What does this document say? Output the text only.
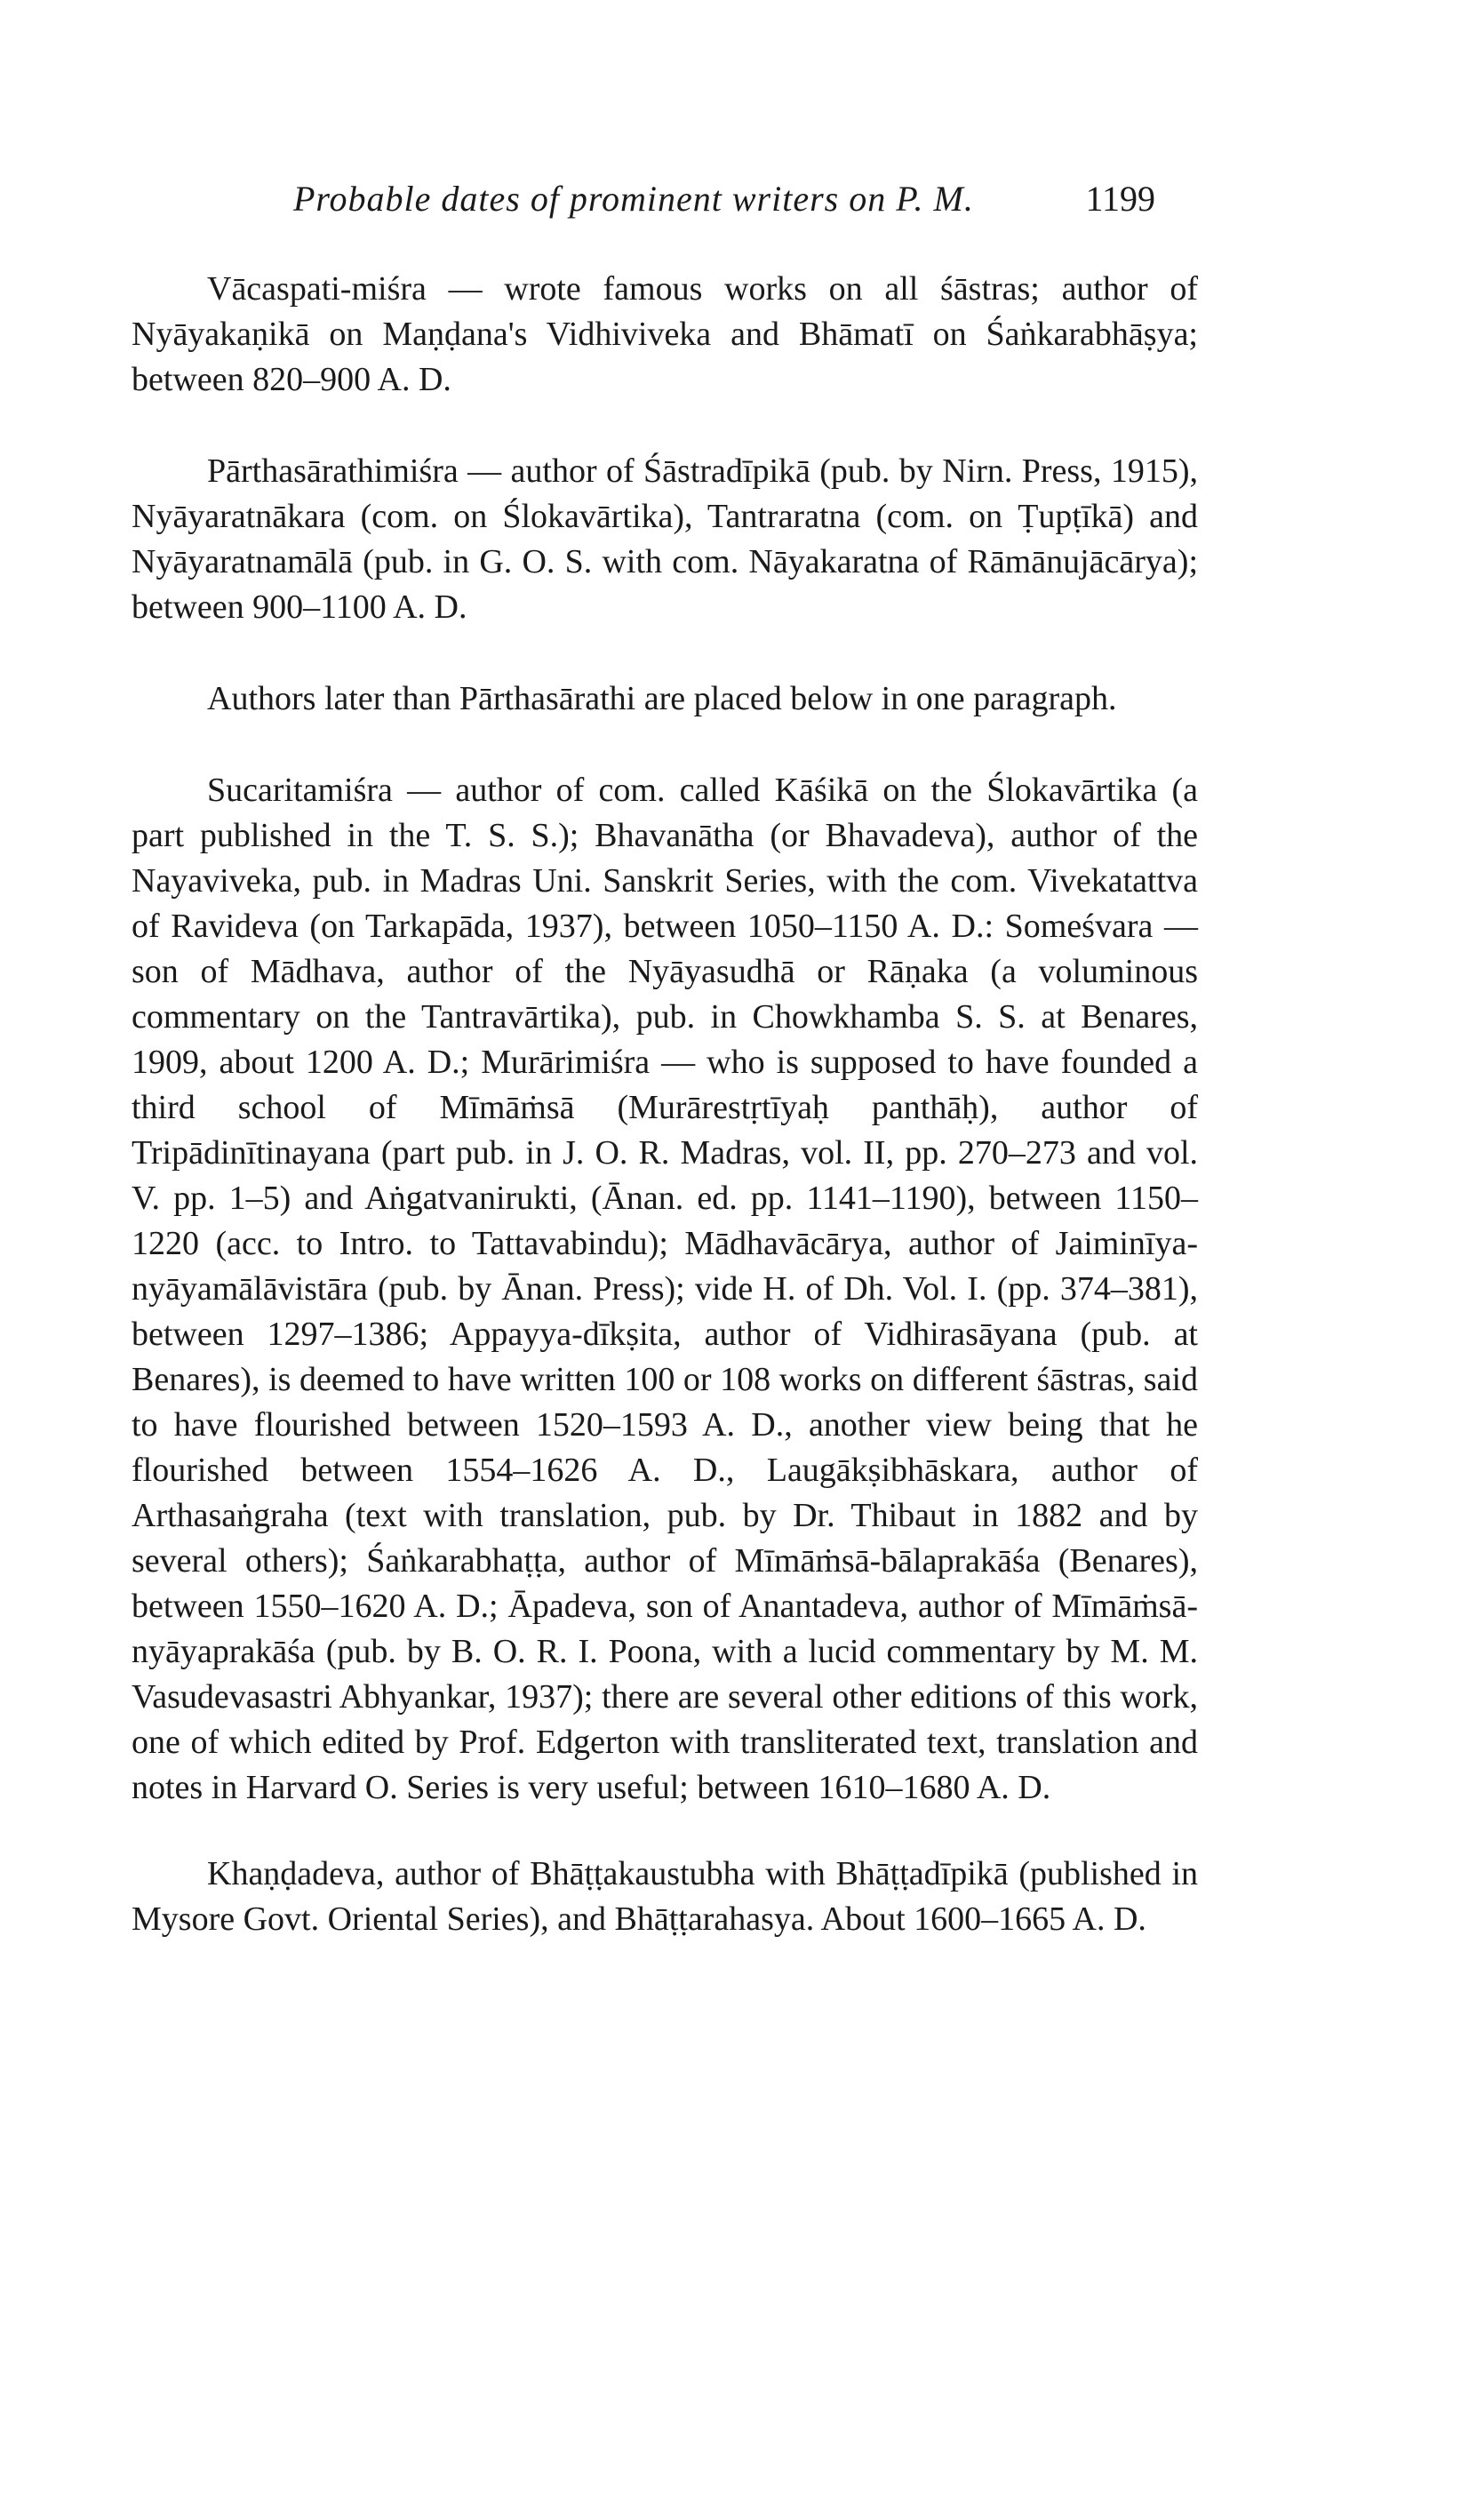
Probable dates of prominent writers on P. M.	1199

Vācaspati-miśra — wrote famous works on all śāstras; author of Nyāyakaṇikā on Maṇḍana's Vidhiviveka and Bhāmatī on Śaṅkarabhāṣya; between 820–900 A. D.

Pārthasārathimiśra — author of Śāstradīpikā (pub. by Nirn. Press, 1915), Nyāyaratnākara (com. on Ślokavārtika), Tantraratna (com. on Ṭupṭīkā) and Nyāyaratnamālā (pub. in G. O. S. with com. Nāyakaratna of Rāmānujācārya); between 900–1100 A. D.

Authors later than Pārthasārathi are placed below in one paragraph.

Sucaritamiśra — author of com. called Kāśikā on the Ślokavārtika (a part published in the T. S. S.); Bhavanātha (or Bhavadeva), author of the Nayaviveka, pub. in Madras Uni. Sanskrit Series, with the com. Vivekatattva of Ravideva (on Tarkapāda, 1937), between 1050–1150 A. D.: Someśvara — son of Mādhava, author of the Nyāyasudhā or Rāṇaka (a voluminous commentary on the Tantravārtika), pub. in Chowkhamba S. S. at Benares, 1909, about 1200 A. D.; Murārimiśra — who is supposed to have founded a third school of Mīmāṁsā (Murārestṛtīyaḥ panthāḥ), author of Tripādinītinayana (part pub. in J. O. R. Madras, vol. II, pp. 270–273 and vol. V. pp. 1–5) and Aṅgatvanirukti, (Ānan. ed. pp. 1141–1190), between 1150–1220 (acc. to Intro. to Tattavabindu); Mādhavācārya, author of Jaiminīya-nyāyamālāvistāra (pub. by Ānan. Press); vide H. of Dh. Vol. I. (pp. 374–381), between 1297–1386; Appayya-dīkṣita, author of Vidhirasāyana (pub. at Benares), is deemed to have written 100 or 108 works on different śāstras, said to have flourished between 1520–1593 A. D., another view being that he flourished between 1554–1626 A. D., Laugākṣibhāskara, author of Arthasaṅgraha (text with translation, pub. by Dr. Thibaut in 1882 and by several others); Śaṅkarabhaṭṭa, author of Mīmāṁsā-bālaprakāśa (Benares), between 1550–1620 A. D.; Āpadeva, son of Anantadeva, author of Mīmāṁsā-nyāyaprakāśa (pub. by B. O. R. I. Poona, with a lucid commentary by M. M. Vasudevasastri Abhyankar, 1937); there are several other editions of this work, one of which edited by Prof. Edgerton with transliterated text, translation and notes in Harvard O. Series is very useful; between 1610–1680 A. D.

Khaṇḍadeva, author of Bhāṭṭakaustubha with Bhāṭṭadīpikā (published in Mysore Govt. Oriental Series), and Bhāṭṭarahasya. About 1600–1665 A. D.
